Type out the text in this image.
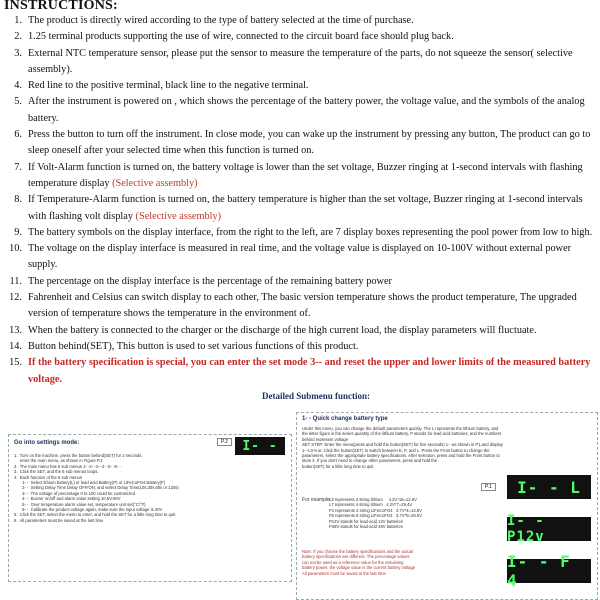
INSTRUCTIONS:
1. The product is directly wired according to the type of battery selected at the time of purchase.
2. 1.25 terminal products supporting the use of wire, connected to the circuit board face should plug back.
3. External NTC temperature sensor, please put the sensor to measure the temperature of the parts, do not squeeze the sensor( selective assembly).
4. Red line to the positive terminal, black line to the negative terminal.
5. After the instrument is powered on , which shows the percentage of the battery power, the voltage value, and the symbols of the analog battery.
6. Press the button to turn off the instrument. In close mode, you can wake up the instrument by pressing any button, The product can go to sleep oneself after your selected time when this function is turned on.
7. If Volt-Alarm function is turned on, the battery voltage is lower than the set voltage, Buzzer ringing at 1-second intervals with flashing temperature display (Selective assembly)
8. If Temperature-Alarm function is turned on, the battery temperature is higher than the set voltage, Buzzer ringing at 1-second intervals with flashing volt display (Selective assembly)
9. The battery symbols on the display interface, from the right to the left, are 7 display boxes representing the pool power from low to high.
10. The voltage on the display interface is measured in real time, and the voltage value is displayed on 10-100V without external power supply.
11. The percentage on the display interface is the percentage of the remaining battery power
12. Fahrenheit and Celsius can switch display to each other, The basic version temperature shows the product temperature, The upgraded version of temperature shows the temperature in the environment of.
13. When the battery is connected to the charger or the discharge of the high current load, the display parameters will fluctuate.
14. Button behind(SET), This button is used to set various functions of this product.
15. If the battery specification is special, you can enter the set mode 3-- and reset the upper and lower limits of the measured battery voltage.
Detailed Submenu function:
Go into settings mode:	P.2	I- -
1.  Turn on the machine, press the button behind(SET) for 2 seconds,
enter the main menu, as shown in Figure P.2
2.  The main menu has 6 sub menus 1- -2- -3- -4- -5- -6- -
3.  Click the SET, and the 6 sub menus loops.
4.  Each function of the 6 sub menus
1- -  Select lithium battery(L) or lead acid Battery(P) or LiFeCoFO4 Battery(F)
2- -  Setting Delay Time Delay OFF/ON, and select Delay Time(10s,30s,60s or 120s)
3- -  The voltage of percentage 0 to 100 could be customized
4- -  Buzzer on/off and alarm value setting 10.5V-80V
5- -  Over temperature alarm value set, temperature unit set(°C/°F)
6- -  Calibrate the product voltage again, make sure the input voltage is 20V
5.  Click the SET, select the menu to enter, and hold the SET for a little long time to quit
6.  All parameters must be saved at the last time
1- - Quick change battery type
Under this menu, you can change the default parameters quickly. The L represents the lithium battery, and
the letter figure is the series quantity of the lithium battery, P stands for lead acid batteries, and the numbers
behind represent voltage
SET STEP: Enter the menu(press and hold the button(SET) for five seconds) 1- -as shown in P1,and display
1- -L0-9 or, Click the button(SET) to switch between E, P, and L. Press the Front button to change the
parameters, select the appropriate battery specifications. After selection, press and hold the Front button to
store it. If you don't need to change other parameters, press and hold the
button(SET) for a little long time to quit
P.1
For example:
L3 represents 3 string lithium     4.2V*16=12.6V
L7 represents 4 string lithium   4.2V*7=29.4V
F4 represents 4 string LiFeCoFO4   3.7V*4=14.8V
F8 represents 8 string LiFeCoFO4   3.7V*8=29.6V
P12V stands for lead-acid 12V batteries
P48V stands for lead-acid 48V batteries
Note: If you choose the battery specifications and the actual
battery specifications are different, The percentage values
can not be used as a reference value for the remaining
battery power. the voltage value is the current battery voltage
All parameters must be saved at the last time
I- - L
I- - P12v
I- - F 4
